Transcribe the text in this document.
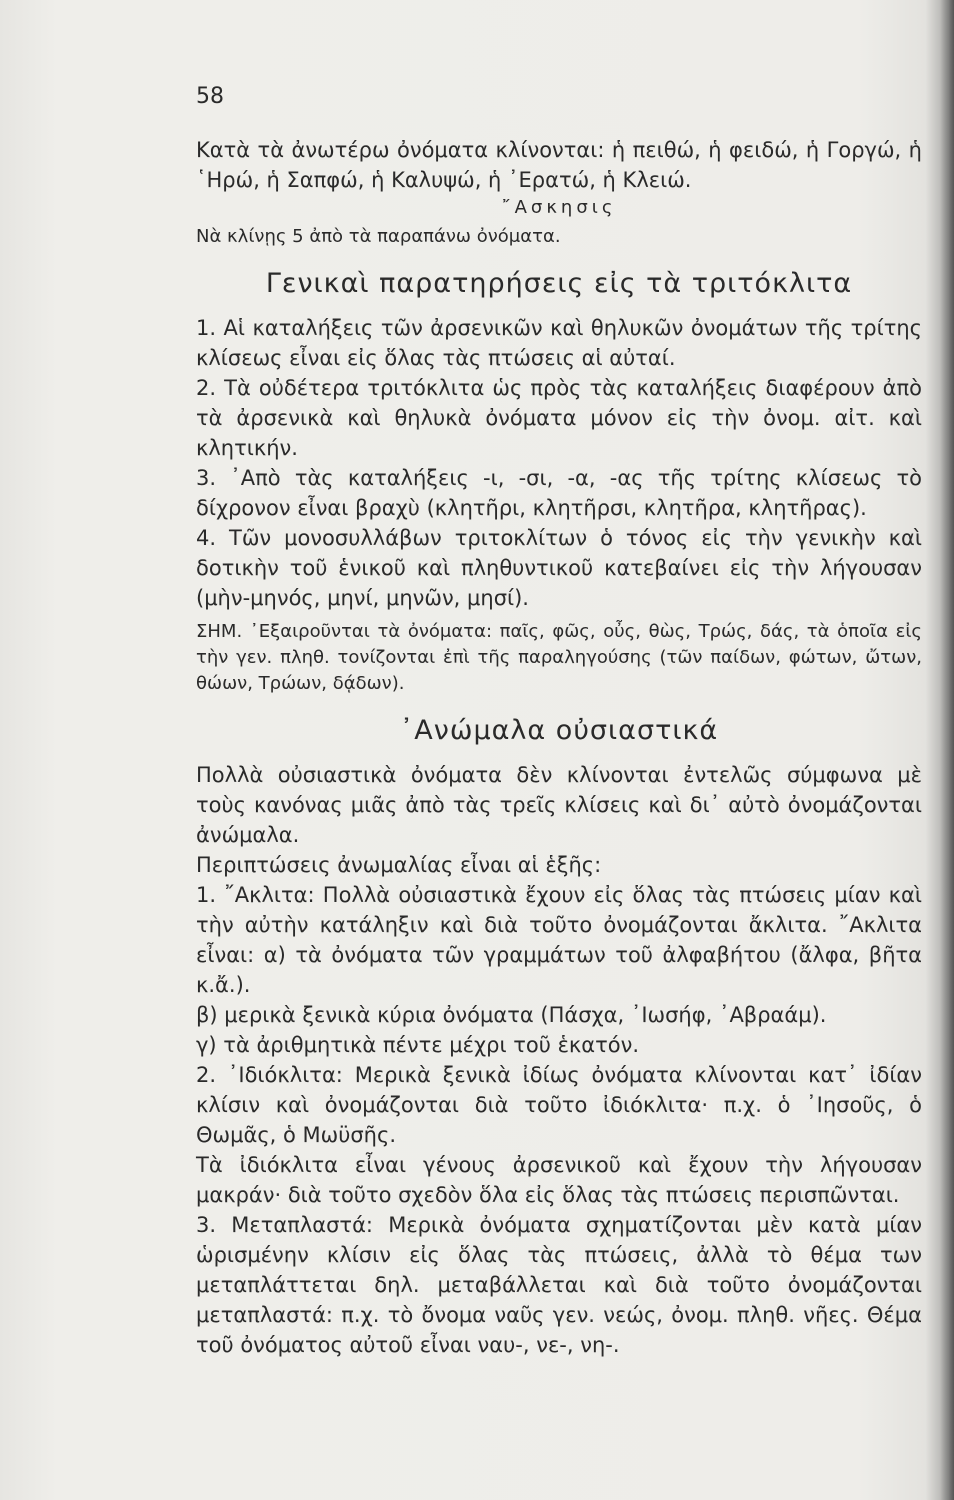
58

Κατὰ τὰ ἀνωτέρω ὀνόματα κλίνονται: ἡ πειθώ, ἡ φειδώ, ἡ Γοργώ, ἡ ῾Ηρώ, ἡ Σαπφώ, ἡ Καλυψώ, ἡ ᾿Ερατώ, ἡ Κλειώ.

῎Ασκησις

Νὰ κλίνῃς 5 ἀπὸ τὰ παραπάνω ὀνόματα.

Γενικαὶ παρατηρήσεις εἰς τὰ τριτόκλιτα

1. Αἱ καταλήξεις τῶν ἀρσενικῶν καὶ θηλυκῶν ὀνομάτων τῆς τρίτης κλίσεως εἶναι εἰς ὅλας τὰς πτώσεις αἱ αὐταί.

2. Τὰ οὐδέτερα τριτόκλιτα ὡς πρὸς τὰς καταλήξεις διαφέρουν ἀπὸ τὰ ἀρσενικὰ καὶ θηλυκὰ ὀνόματα μόνον εἰς τὴν ὀνομ. αἰτ. καὶ κλητικήν.

3. ᾿Απὸ τὰς καταλήξεις -ι, -σι, -α, -ας τῆς τρίτης κλίσεως τὸ δίχρονον εἶναι βραχὺ (κλητῆρι, κλητῆρσι, κλητῆρα, κλητῆρας).

4. Τῶν μονοσυλλάβων τριτοκλίτων ὁ τόνος εἰς τὴν γενικὴν καὶ δοτικὴν τοῦ ἑνικοῦ καὶ πληθυντικοῦ κατεβαίνει εἰς τὴν λήγουσαν (μὴν-μηνός, μηνί, μηνῶν, μησί).

ΣΗΜ. ᾿Εξαιροῦνται τὰ ὀνόματα: παῖς, φῶς, οὖς, θὼς, Τρώς, δάς, τὰ ὁποῖα εἰς τὴν γεν. πληθ. τονίζονται ἐπὶ τῆς παραληγούσης (τῶν παίδων, φώτων, ὤτων, θώων, Τρώων, δᾴδων).

᾿Ανώμαλα οὐσιαστικά

Πολλὰ οὐσιαστικὰ ὀνόματα δὲν κλίνονται ἐντελῶς σύμφωνα μὲ τοὺς κανόνας μιᾶς ἀπὸ τὰς τρεῖς κλίσεις καὶ δι᾿ αὐτὸ ὀνομάζονται ἀνώμαλα.

Περιπτώσεις ἀνωμαλίας εἶναι αἱ ἑξῆς:

1. ῎Ακλιτα: Πολλὰ οὐσιαστικὰ ἔχουν εἰς ὅλας τὰς πτώσεις μίαν καὶ τὴν αὐτὴν κατάληξιν καὶ διὰ τοῦτο ὀνομάζονται ἄκλιτα. ῎Ακλιτα εἶναι: α) τὰ ὀνόματα τῶν γραμμάτων τοῦ ἀλφαβήτου (ἄλφα, βῆτα κ.ἄ.).

β) μερικὰ ξενικὰ κύρια ὀνόματα (Πάσχα, ᾿Ιωσήφ, ᾿Αβραάμ).

γ) τὰ ἀριθμητικὰ πέντε μέχρι τοῦ ἑκατόν.

2. ᾿Ιδιόκλιτα: Μερικὰ ξενικὰ ἰδίως ὀνόματα κλίνονται κατ᾿ ἰδίαν κλίσιν καὶ ὀνομάζονται διὰ τοῦτο ἰδιόκλιτα· π.χ. ὁ ᾿Ιησοῦς, ὁ Θωμᾶς, ὁ Μωϋσῆς.

Τὰ ἰδιόκλιτα εἶναι γένους ἀρσενικοῦ καὶ ἔχουν τὴν λήγουσαν μακράν· διὰ τοῦτο σχεδὸν ὅλα εἰς ὅλας τὰς πτώσεις περισπῶνται.

3. Μεταπλαστά: Μερικὰ ὀνόματα σχηματίζονται μὲν κατὰ μίαν ὡρισμένην κλίσιν εἰς ὅλας τὰς πτώσεις, ἀλλὰ τὸ θέμα των μεταπλάττεται δηλ. μεταβάλλεται καὶ διὰ τοῦτο ὀνομάζονται μεταπλαστά: π.χ. τὸ ὄνομα ναῦς γεν. νεώς, ὀνομ. πληθ. νῆες. Θέμα τοῦ ὀνόματος αὐτοῦ εἶναι ναυ-, νε-, νη-.
